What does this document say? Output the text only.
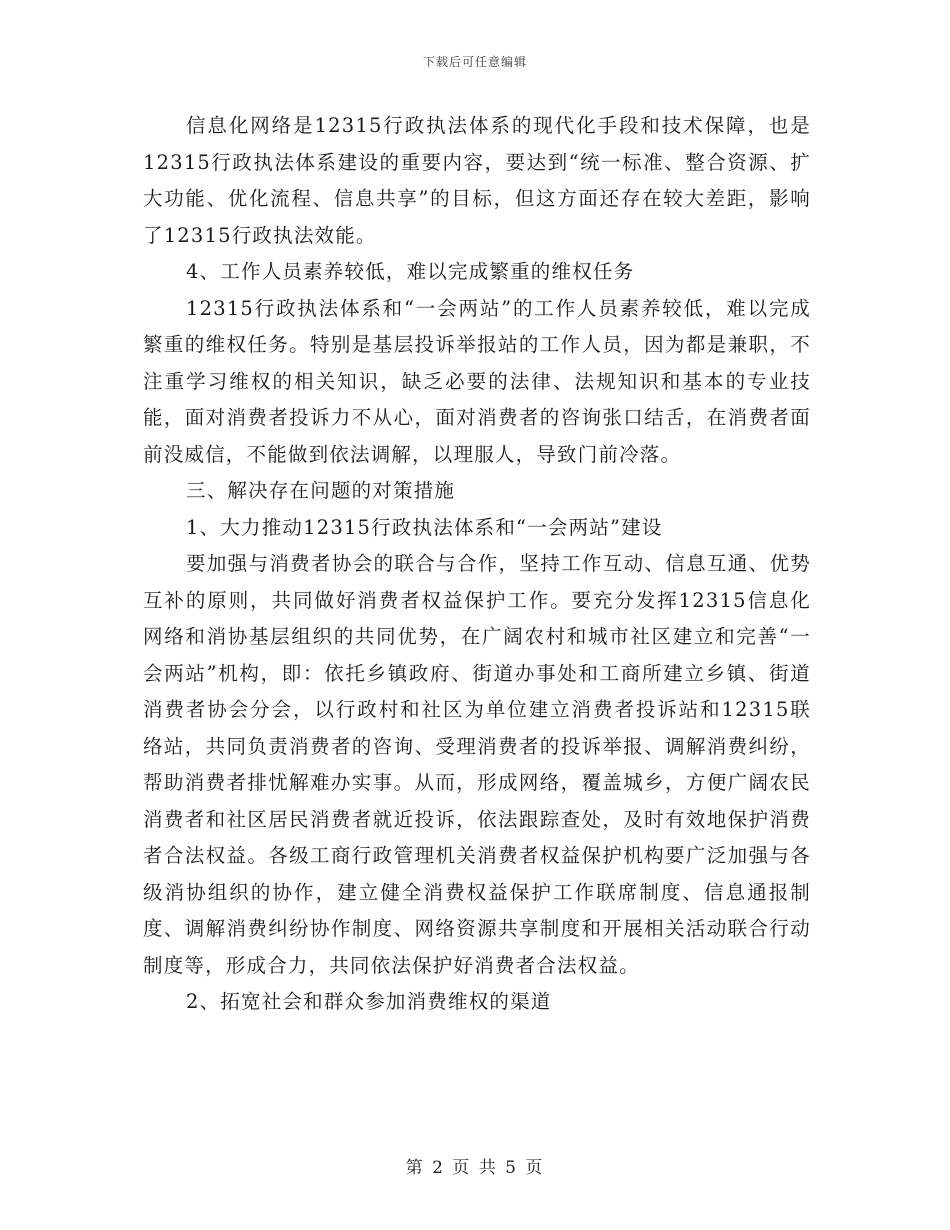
下载后可任意编辑

信息化网络是12315行政执法体系的现代化手段和技术保障，也是12315行政执法体系建设的重要内容，要达到“统一标准、整合资源、扩大功能、优化流程、信息共享”的目标，但这方面还存在较大差距，影响了12315行政执法效能。

4、工作人员素养较低，难以完成繁重的维权任务

12315行政执法体系和“一会两站”的工作人员素养较低，难以完成繁重的维权任务。特别是基层投诉举报站的工作人员，因为都是兼职，不注重学习维权的相关知识，缺乏必要的法律、法规知识和基本的专业技能，面对消费者投诉力不从心，面对消费者的咨询张口结舌，在消费者面前没威信，不能做到依法调解，以理服人，导致门前冷落。

三、解决存在问题的对策措施

1、大力推动12315行政执法体系和“一会两站”建设

要加强与消费者协会的联合与合作，坚持工作互动、信息互通、优势互补的原则，共同做好消费者权益保护工作。要充分发挥12315信息化网络和消协基层组织的共同优势，在广阔农村和城市社区建立和完善“一会两站”机构，即：依托乡镇政府、街道办事处和工商所建立乡镇、街道消费者协会分会，以行政村和社区为单位建立消费者投诉站和12315联络站，共同负责消费者的咨询、受理消费者的投诉举报、调解消费纠纷，帮助消费者排忧解难办实事。从而，形成网络，覆盖城乡，方便广阔农民消费者和社区居民消费者就近投诉，依法跟踪查处，及时有效地保护消费者合法权益。各级工商行政管理机关消费者权益保护机构要广泛加强与各级消协组织的协作，建立健全消费权益保护工作联席制度、信息通报制度、调解消费纠纷协作制度、网络资源共享制度和开展相关活动联合行动制度等，形成合力，共同依法保护好消费者合法权益。

2、拓宽社会和群众参加消费维权的渠道

第 2 页 共 5 页
